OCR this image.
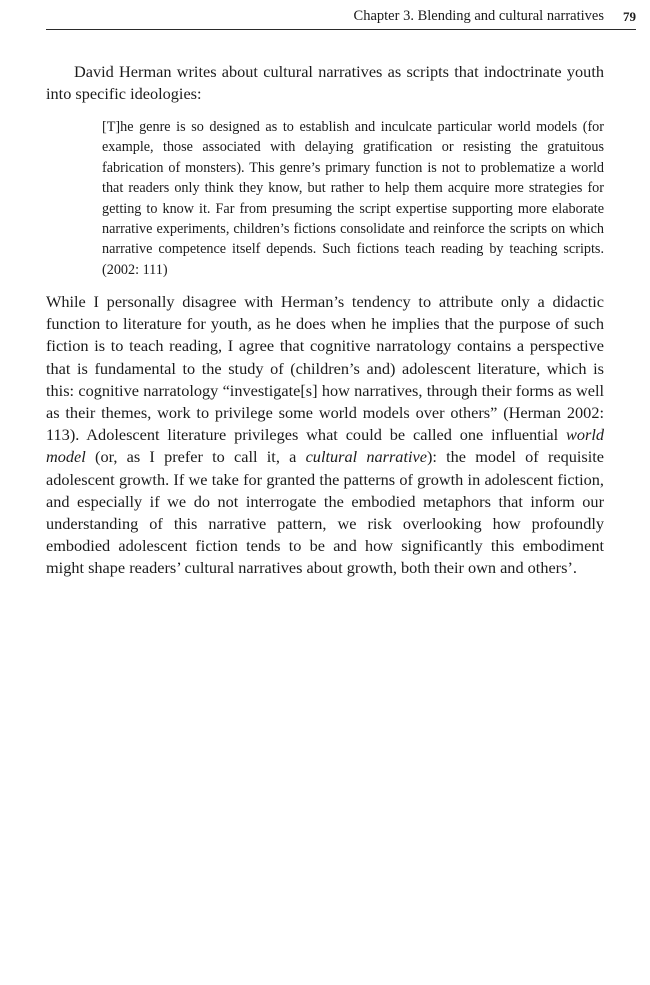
Chapter 3. Blending and cultural narratives 79

David Herman writes about cultural narratives as scripts that indoctrinate youth into specific ideologies:

[T]he genre is so designed as to establish and inculcate particular world models (for example, those associated with delaying gratification or resisting the gratuitous fabrication of monsters). This genre’s primary function is not to problematize a world that readers only think they know, but rather to help them acquire more strategies for getting to know it. Far from presuming the script expertise supporting more elaborate narrative experiments, children’s fictions consolidate and reinforce the scripts on which narrative competence itself depends. Such fictions teach reading by teaching scripts. (2002: 111)

While I personally disagree with Herman’s tendency to attribute only a didactic function to literature for youth, as he does when he implies that the purpose of such fiction is to teach reading, I agree that cognitive narratology contains a perspective that is fundamental to the study of (children’s and) adolescent literature, which is this: cognitive narratology “investigate[s] how narratives, through their forms as well as their themes, work to privilege some world models over others” (Herman 2002: 113). Adolescent literature privileges what could be called one influential world model (or, as I prefer to call it, a cultural narrative): the model of requisite adolescent growth. If we take for granted the patterns of growth in adolescent fiction, and especially if we do not interrogate the embodied metaphors that inform our understanding of this narrative pattern, we risk overlooking how profoundly embodied adolescent fiction tends to be and how significantly this embodiment might shape readers’ cultural narratives about growth, both their own and others’.
